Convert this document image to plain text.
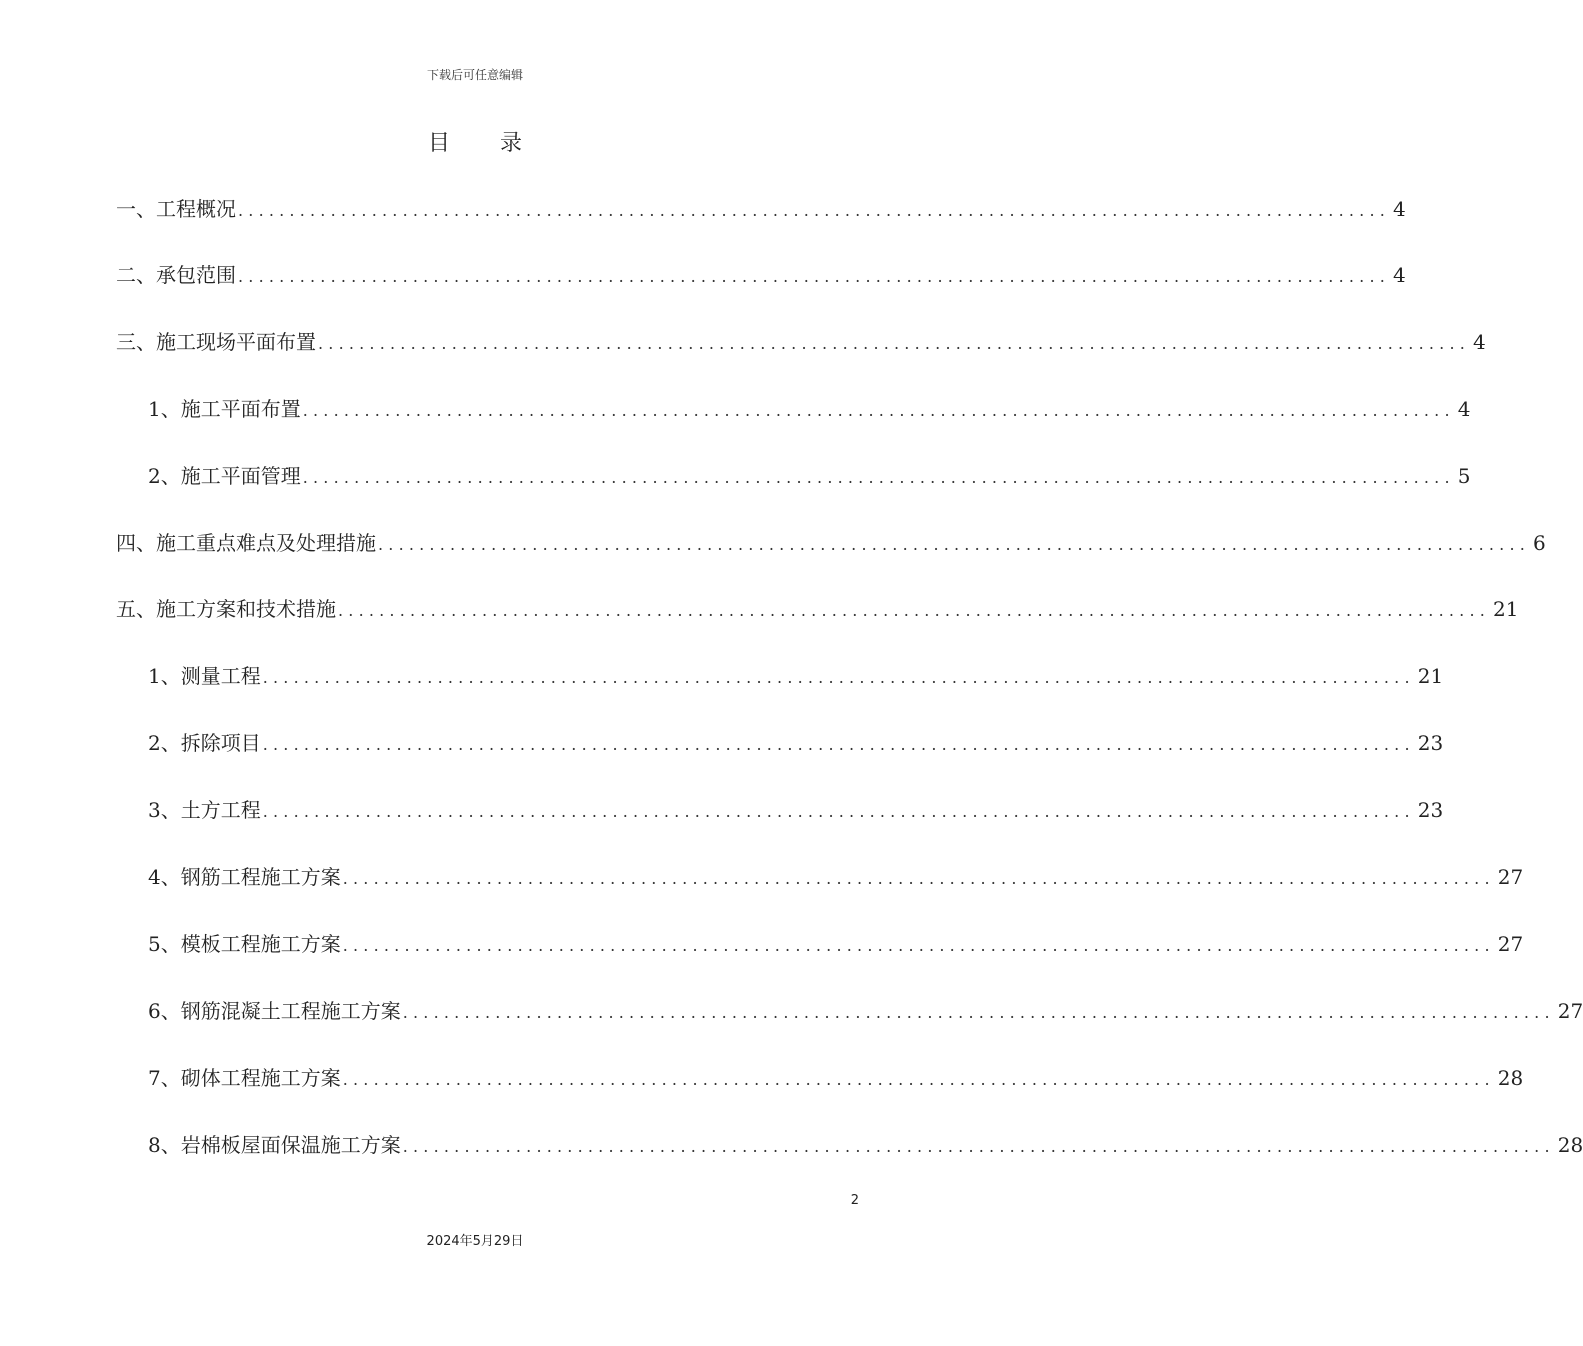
下载后可任意编辑
目 录
一、 工程概况 ................................................................................................................ 4
二、 承包范围 ................................................................................................................ 4
三、 施工现场平面布置 ................................................................................................................ 4
1、 施工平面布置 ................................................................................................................ 4
2、 施工平面管理 ................................................................................................................ 5
四、 施工重点难点及处理措施 ................................................................................................................ 6
五、 施工方案和技术措施 ................................................................................................................ 21
1、 测量工程 ................................................................................................................ 21
2、 拆除项目 ................................................................................................................ 23
3、 土方工程 ................................................................................................................ 23
4、 钢筋工程施工方案 ................................................................................................................ 27
5、 模板工程施工方案 ................................................................................................................ 27
6、 钢筋混凝土工程施工方案 ................................................................................................................ 27
7、 砌体工程施工方案 ................................................................................................................ 28
8、 岩棉板屋面保温施工方案 ................................................................................................................ 28
2
2024年5月29日
